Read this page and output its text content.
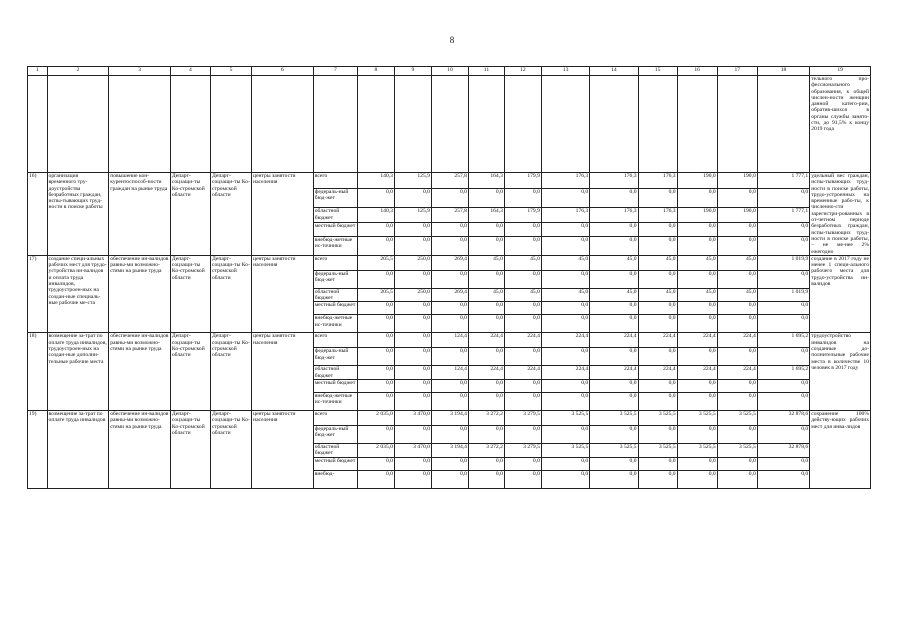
8
1	2	3	4	5	6	7	8	9	10	11	12	13	14	15	16	17	18	19
																		тельного про-фессионального образования, к общей числен-ности женщин данной катего-рии, обратив-шихся в органы службы занято-сти, до 91,5% к концу 2019 года
16)	организация временного тру-доустройства безработных граждан, испы-тывающих труд-ности в поиске работы	повышение кон-курентоспособ-ности граждан на рынке труда	Департ-соцзащи-ты Ко-стромской области	Департ-соцзащи-ты Ко-стромской области	центры занятости населения	всего	140,3	125,9	257,8	164,3	179,9	176,3	176,3	176,3	190,0	190,0	1 777,1	удельный вес граждан, испы-тывающих труд-ности в поиске работы, трудо-устроенных на временные рабо-ты, к численно-сти зарегистри-рованных в от-четном периоде безработных граждан, испы-тывающих труд-ности в поиске работы, – не ме-нее 2% ежегодно
						федераль-ный бюд-жет	0,0	0,0	0,0	0,0	0,0	0,0	0,0	0,0	0,0	0,0	0,0	
						областной бюджет	140,3	125,9	257,8	164,3	179,9	176,3	176,3	176,3	190,0	190,0	1 777,1	
						местный бюджет	0,0	0,0	0,0	0,0	0,0	0,0	0,0	0,0	0,0	0,0	0,0	
						внебюд-жетные ис-точники	0,0	0,0	0,0	0,0	0,0	0,0	0,0	0,0	0,0	0,0	0,0	
17)	создание специ-альных рабочих мест для трудо-устройства ин-валидов и оплата труда инвалидов, трудоустроен-ных на создан-ные специаль-ные рабочие ме-ста	обеспечение ин-валидов равны-ми возможно-стями на рынке труда	Департ-соцзащи-ты Ко-стромской области	Департ-соцзащи-ты Ко-стромской области	центры занятости населения	всего	205,5	250,0	269,4	45,0	45,0	45,0	45,0	45,0	45,0	45,0	1 019,9	создание в 2017 году не менее 1 специ-ального рабочего места для трудо-устройства ин-валидов
						федераль-ный бюд-жет	0,0	0,0	0,0	0,0	0,0	0,0	0,0	0,0	0,0	0,0	0,0	
						областной бюджет	205,5	250,0	269,4	45,0	45,0	45,0	45,0	45,0	45,0	45,0	1 019,9	
						местный бюджет	0,0	0,0	0,0	0,0	0,0	0,0	0,0	0,0	0,0	0,0	0,0	
						внебюд-жетные ис-точники	0,0	0,0	0,0	0,0	0,0	0,0	0,0	0,0	0,0	0,0	0,0	
18)	возмещение за-трат по оплате труда инвалидов, трудоустроен-ных на создан-ные дополни-тельные рабочие места	обеспечение ин-валидов равны-ми возможно-стями на рынке труда	Департ-соцзащи-ты Ко-стромской области	Департ-соцзащи-ты Ко-стромской области	центры занятости населения	всего	0,0	0,0	124,4	224,4	224,4	224,4	224,4	224,4	224,4	224,4	1 695,2	трудоустройство инвалидов на созданные до-полнительные рабочие места в количестве 10 человек в 2017 году
						федераль-ный бюд-жет	0,0	0,0	0,0	0,0	0,0	0,0	0,0	0,0	0,0	0,0	0,0	
						областной бюджет	0,0	0,0	124,4	224,4	224,4	224,4	224,4	224,4	224,4	224,4	1 695,2	
						местный бюджет	0,0	0,0	0,0	0,0	0,0	0,0	0,0	0,0	0,0	0,0	0,0	
						внебюд-жетные ис-точники	0,0	0,0	0,0	0,0	0,0	0,0	0,0	0,0	0,0	0,0	0,0	
19)	возмещение за-трат по оплате труда инвалидов	обеспечение ин-валидов равны-ми возможно-стями на рынке труда	Департ-соцзащи-ты Ко-стромской области	Департ-соцзащи-ты Ко-стромской области	центры занятости населения	всего	2 035,0	3 470,0	3 194,4	3 272,2	3 279,5	3 525,5	3 525,5	3 525,5	3 525,5	3 525,5	32 878,6	сохранение 100% действу-ющих рабочих мест для инва-лидов
						федераль-ный бюд-жет	0,0	0,0	0,0	0,0	0,0	0,0	0,0	0,0	0,0	0,0	0,0	
						областной бюджет	2 035,0	3 470,0	3 194,4	3 272,2	3 279,5	3 525,5	3 525,5	3 525,5	3 525,5	3 525,5	32 878,6	
						местный бюджет	0,0	0,0	0,0	0,0	0,0	0,0	0,0	0,0	0,0	0,0	0,0	
						внебюд-	0,0	0,0	0,0	0,0	0,0	0,0	0,0	0,0	0,0	0,0	0,0	
